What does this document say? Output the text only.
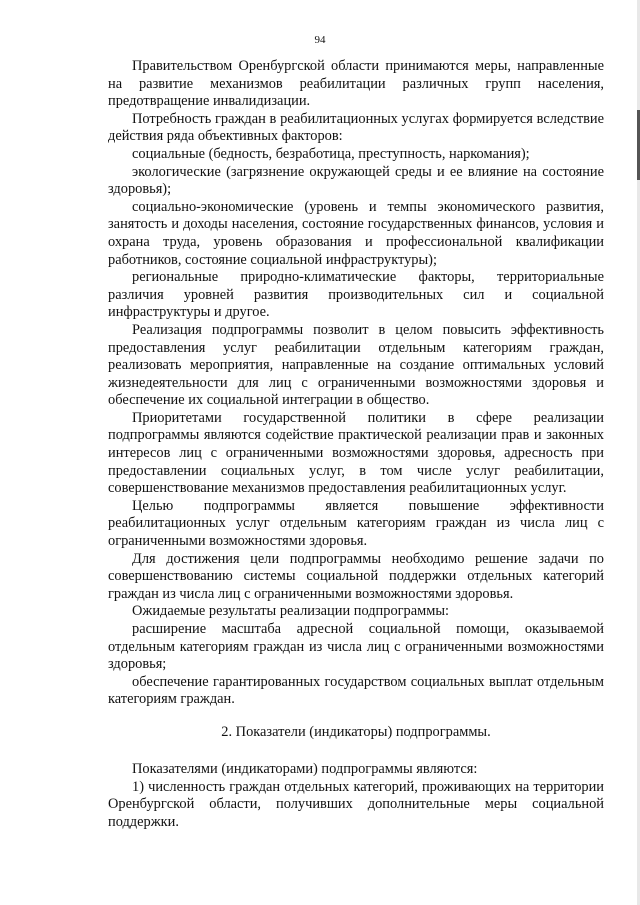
94

Правительством Оренбургской области принимаются меры, направленные на развитие механизмов реабилитации различных групп населения, предотвращение инвалидизации.

Потребность граждан в реабилитационных услугах формируется вследствие действия ряда объективных факторов:

социальные (бедность, безработица, преступность, наркомания);

экологические (загрязнение окружающей среды и ее влияние на состояние здоровья);

социально-экономические (уровень и темпы экономического развития, занятость и доходы населения, состояние государственных финансов, условия и охрана труда, уровень образования и профессиональной квалификации работников, состояние социальной инфраструктуры);

региональные природно-климатические факторы, территориальные различия уровней развития производительных сил и социальной инфраструктуры и другое.

Реализация подпрограммы позволит в целом повысить эффективность предоставления услуг реабилитации отдельным категориям граждан, реализовать мероприятия, направленные на создание оптимальных условий жизнедеятельности для лиц с ограниченными возможностями здоровья и обеспечение их социальной интеграции в общество.

Приоритетами государственной политики в сфере реализации подпрограммы являются содействие практической реализации прав и законных интересов лиц с ограниченными возможностями здоровья, адресность при предоставлении социальных услуг, в том числе услуг реабилитации, совершенствование механизмов предоставления реабилитационных услуг.

Целью подпрограммы является повышение эффективности реабилитационных услуг отдельным категориям граждан из числа лиц с ограниченными возможностями здоровья.

Для достижения цели подпрограммы необходимо решение задачи по совершенствованию системы социальной поддержки отдельных категорий граждан из числа лиц с ограниченными возможностями здоровья.

Ожидаемые результаты реализации подпрограммы:

расширение масштаба адресной социальной помощи, оказываемой отдельным категориям граждан из числа лиц с ограниченными возможностями здоровья;

обеспечение гарантированных государством социальных выплат отдельным категориям граждан.

2. Показатели (индикаторы) подпрограммы.

Показателями (индикаторами) подпрограммы являются:

1) численность граждан отдельных категорий, проживающих на территории Оренбургской области, получивших дополнительные меры социальной поддержки.
